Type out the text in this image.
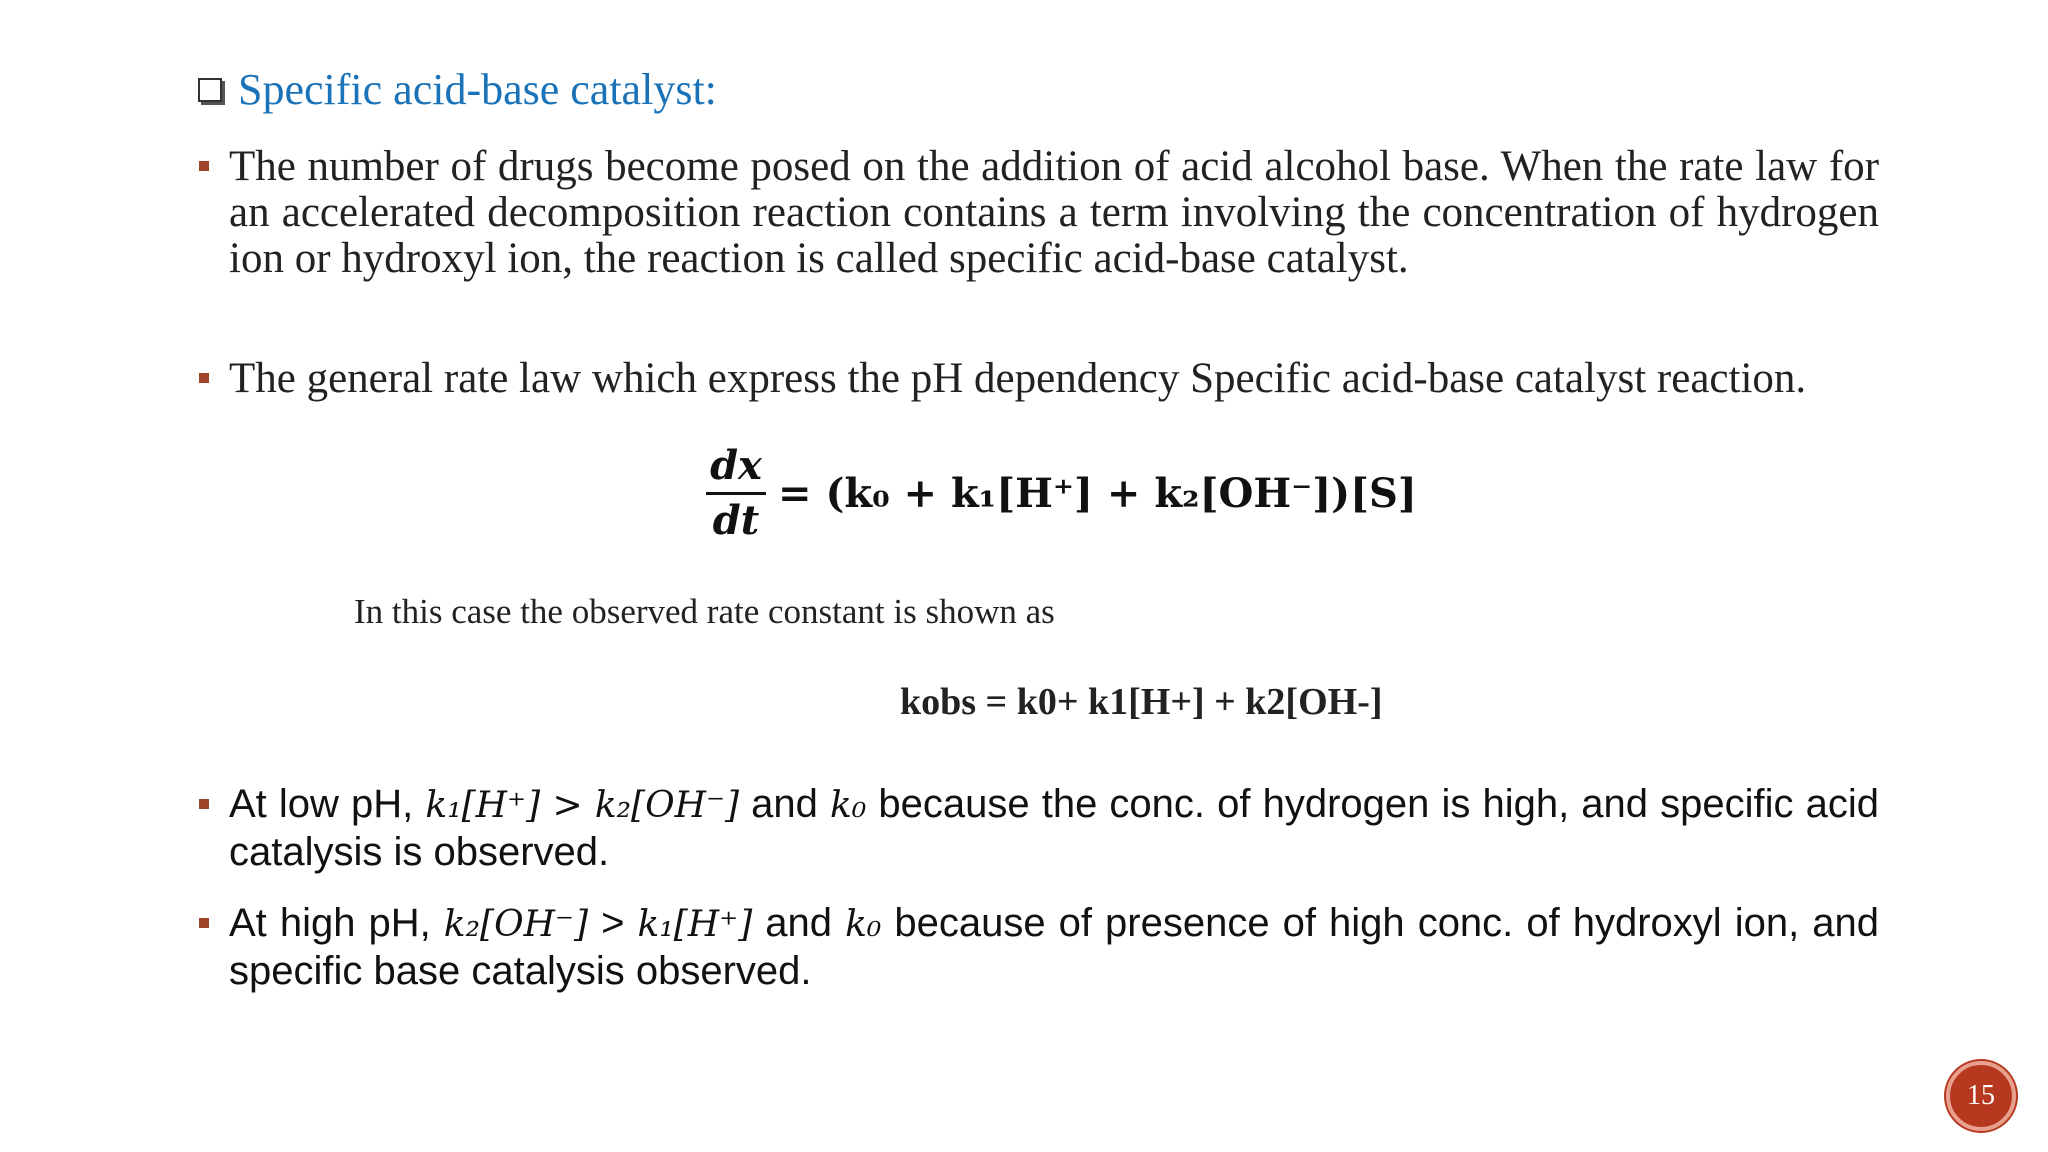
Specific acid-base catalyst:
The number of drugs become posed on the addition of acid alcohol base. When the rate law for an accelerated decomposition reaction contains a term involving the concentration of hydrogen ion or hydroxyl ion, the reaction is called specific acid-base catalyst.
The general rate law which express the pH dependency Specific acid-base catalyst reaction.
$\frac{dx}{dt} = (k_0 + k_1[H^+] + k_2[OH^-])[S]$
In this case the observed rate constant is shown as
kobs = k0+ k1[H+] + k2[OH-]
At low pH, k₁[H⁺] > k₂[OH⁻] and k₀ because the conc. of hydrogen is high, and specific acid catalysis is observed.
At high pH, k₂[OH⁻] > k₁[H⁺] and k₀ because of presence of high conc. of hydroxyl ion, and specific base catalysis observed.
15
